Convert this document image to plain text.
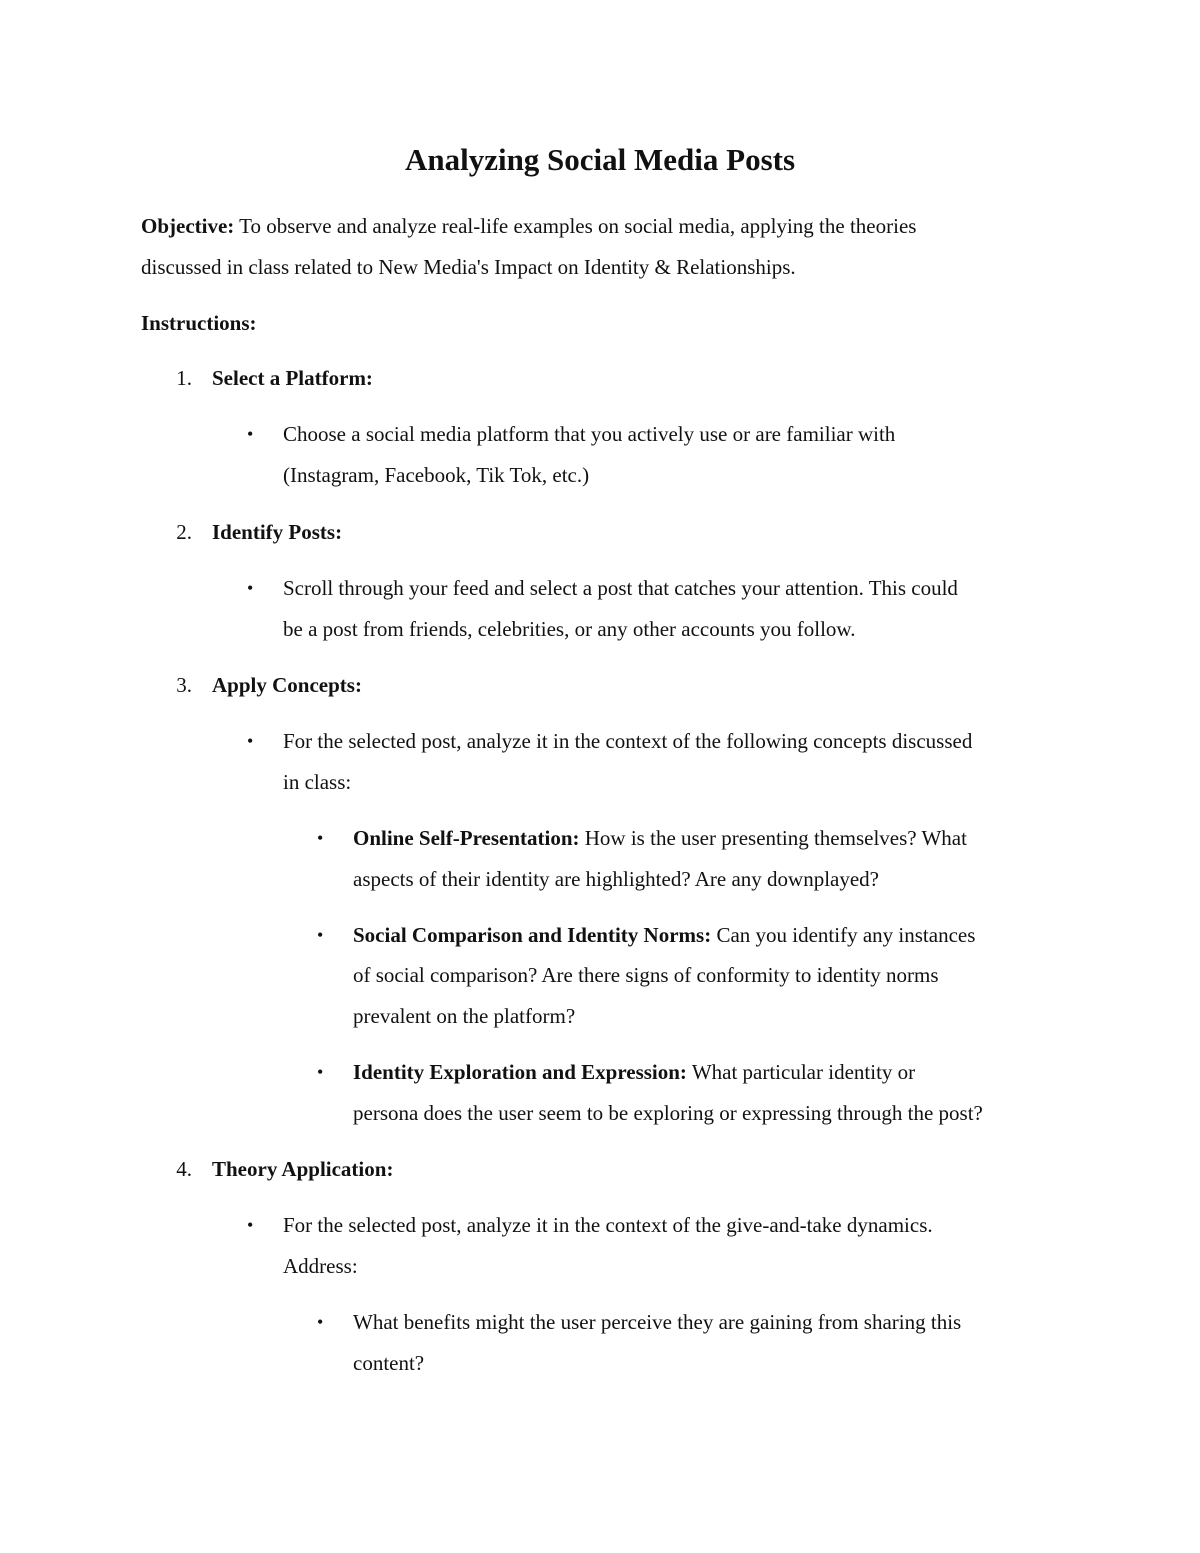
Analyzing Social Media Posts

Objective: To observe and analyze real-life examples on social media, applying the theories

discussed in class related to New Media's Impact on Identity & Relationships.

Instructions:

1. Select a Platform:

• Choose a social media platform that you actively use or are familiar with

(Instagram, Facebook, Tik Tok, etc.)

2. Identify Posts:

• Scroll through your feed and select a post that catches your attention. This could

be a post from friends, celebrities, or any other accounts you follow.

3. Apply Concepts:

• For the selected post, analyze it in the context of the following concepts discussed

in class:

• Online Self-Presentation: How is the user presenting themselves? What

aspects of their identity are highlighted? Are any downplayed?

• Social Comparison and Identity Norms: Can you identify any instances

of social comparison? Are there signs of conformity to identity norms

prevalent on the platform?

• Identity Exploration and Expression: What particular identity or

persona does the user seem to be exploring or expressing through the post?

4. Theory Application:

• For the selected post, analyze it in the context of the give-and-take dynamics.

Address:

• What benefits might the user perceive they are gaining from sharing this

content?
